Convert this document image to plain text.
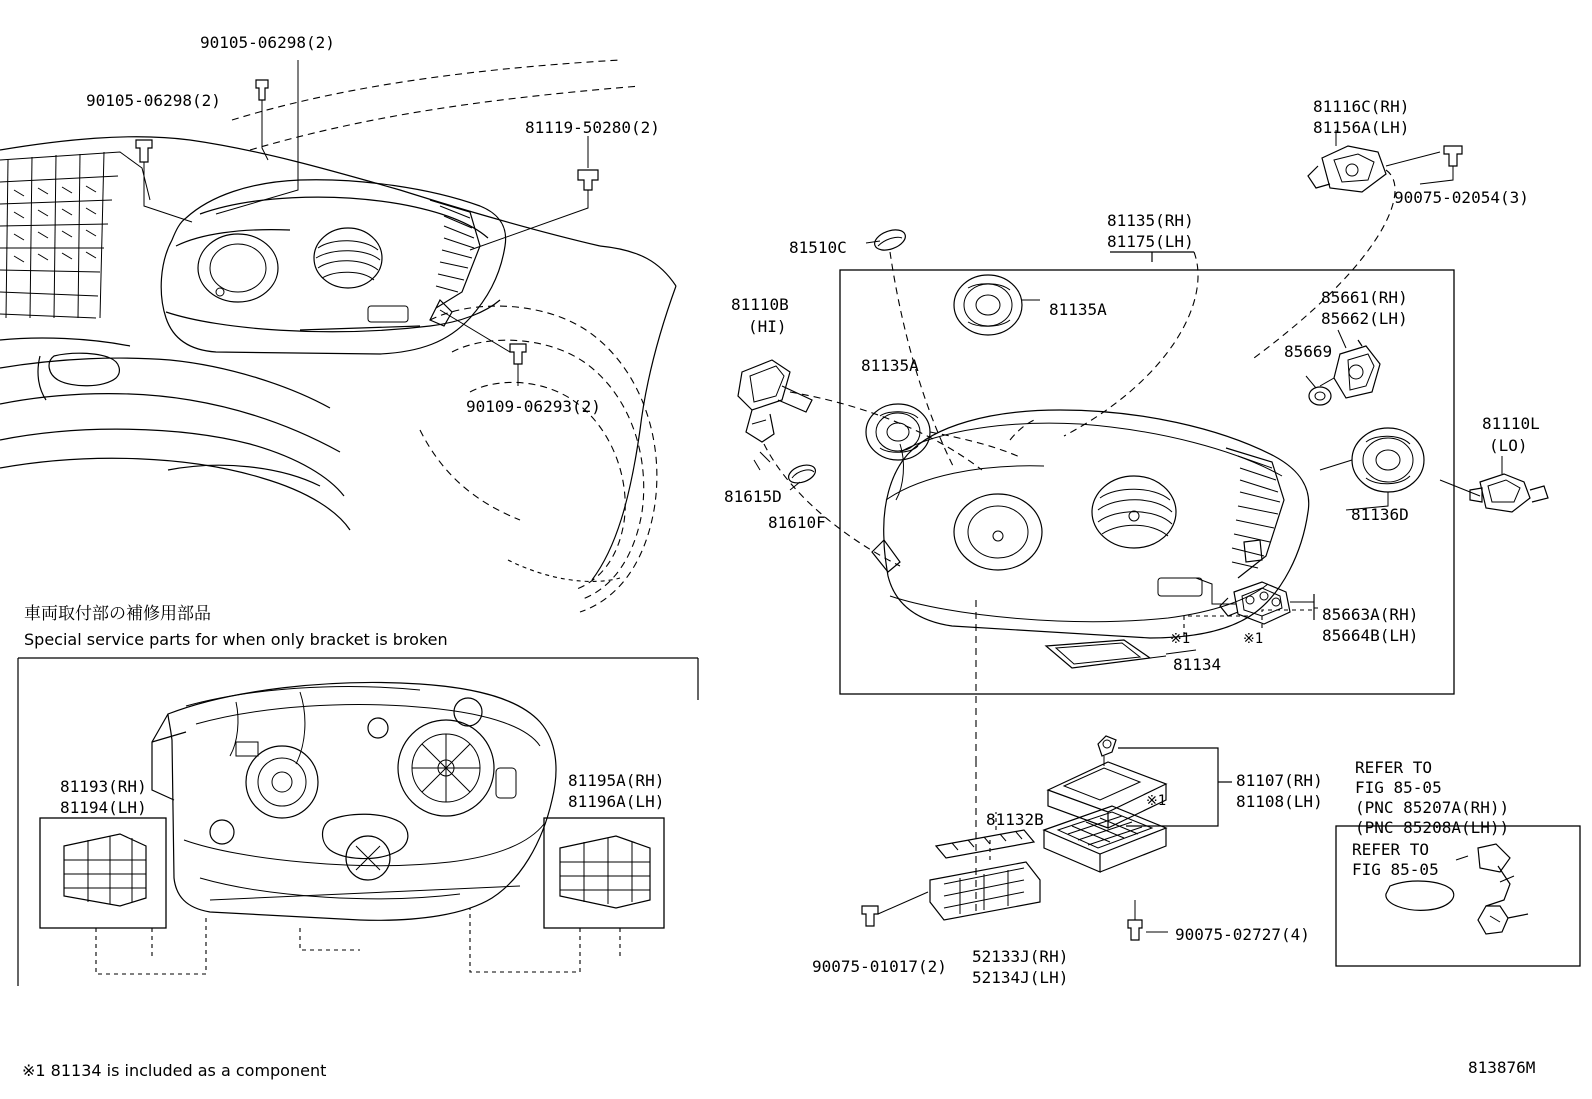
90105-06298(2)
90105-06298(2)
81119-50280(2)
90109-06293(2)
81116C(RH)
81156A(LH)
90075-02054(3)
81135(RH)
81175(LH)
81510C
81135A
81110B
(HI)
85661(RH)
85662(LH)
85669
81135A
81110L
(LO)
81615D
81610F	81136D
85663A(RH)
85664B(LH)
※1	※1
81134
81107(RH)
81108(LH)
※1
81132B
81193(RH)
81194(LH)
81195A(RH)
81196A(LH)
90075-02727(4)
90075-01017(2)
52133J(RH)
52134J(LH)
車両取付部の補修用部品
Special service parts for when only bracket is broken
※1 81134 is included as a component
REFER TO
FIG 85-05
(PNC 85207A(RH))
(PNC 85208A(LH))
REFER TO
FIG 85-05
813876M
